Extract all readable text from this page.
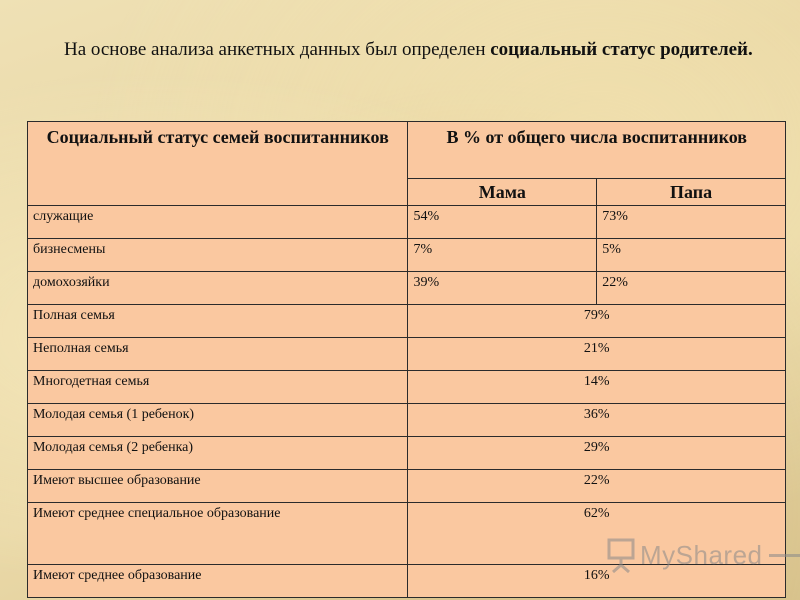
На основе анализа анкетных данных был определен социальный статус родителей.

Социальный статус семей воспитанников	В % от общего числа воспитанников	
	Мама	Папа
служащие	54%	73%
бизнесмены	7%	5%
домохозяйки	39%	22%
Полная семья	79%	
Неполная семья	21%	
Многодетная семья	14%	
Молодая семья (1 ребенок)	36%	
Молодая семья (2 ребенка)	29%	
Имеют высшее образование	22%	
Имеют среднее специальное образование	62%	
Имеют среднее образование	16%	
MyShared
